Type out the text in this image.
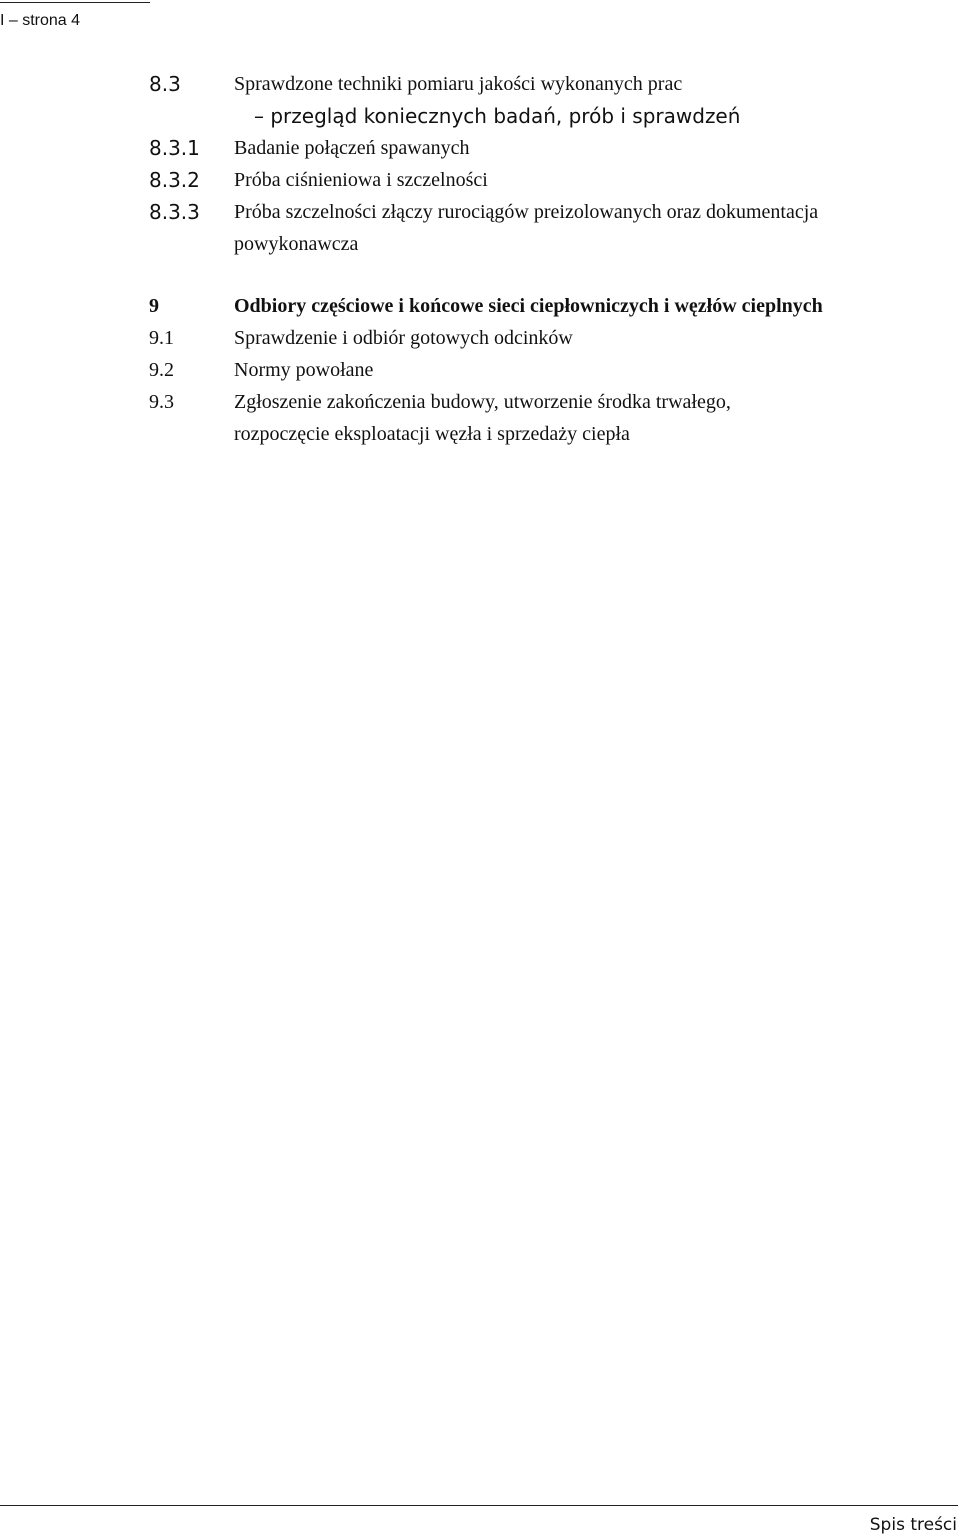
I – strona 4
8.3	Sprawdzone techniki pomiaru jakości wykonanych prac
– przegląd koniecznych badań, prób i sprawdzeń
8.3.1 Badanie połączeń spawanych
8.3.2 Próba ciśnieniowa i szczelności
8.3.3 Próba szczelności złączy rurociągów preizolowanych oraz dokumentacja
powykonawcza
9	Odbiory częściowe i końcowe sieci ciepłowniczych i węzłów cieplnych
9.1	Sprawdzenie i odbiór gotowych odcinków
9.2	Normy powołane
9.3	Zgłoszenie zakończenia budowy, utworzenie środka trwałego,
rozpoczęcie eksploatacji węzła i sprzedaży ciepła
Spis treści
